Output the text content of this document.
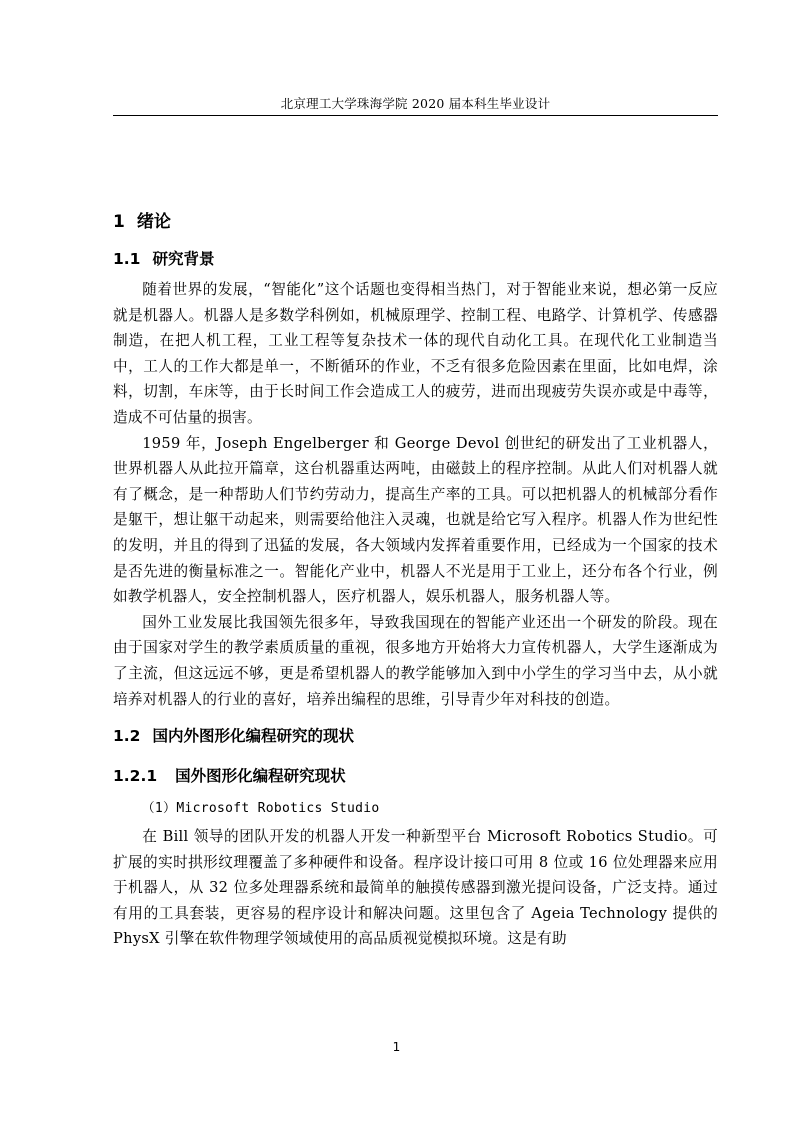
北京理工大学珠海学院 2020 届本科生毕业设计
1 绪论
1.1 研究背景

随着世界的发展，“智能化”这个话题也变得相当热门，对于智能业来说，想必第一反应就是机器人。机器人是多数学科例如，机械原理学、控制工程、电路学、计算机学、传感器制造，在把人机工程，工业工程等复杂技术一体的现代自动化工具。在现代化工业制造当中，工人的工作大都是单一，不断循环的作业，不乏有很多危险因素在里面，比如电焊，涂料，切割，车床等，由于长时间工作会造成工人的疲劳，进而出现疲劳失误亦或是中毒等，造成不可估量的损害。

1959 年，Joseph Engelberger 和 George Devol 创世纪的研发出了工业机器人，世界机器人从此拉开篇章，这台机器重达两吨，由磁鼓上的程序控制。从此人们对机器人就有了概念，是一种帮助人们节约劳动力，提高生产率的工具。可以把机器人的机械部分看作是躯干，想让躯干动起来，则需要给他注入灵魂，也就是给它写入程序。机器人作为世纪性的发明，并且的得到了迅猛的发展，各大领域内发挥着重要作用，已经成为一个国家的技术是否先进的衡量标准之一。智能化产业中，机器人不光是用于工业上，还分布各个行业，例如教学机器人，安全控制机器人，医疗机器人，娱乐机器人，服务机器人等。

国外工业发展比我国领先很多年，导致我国现在的智能产业还出一个研发的阶段。现在由于国家对学生的教学素质质量的重视，很多地方开始将大力宣传机器人，大学生逐渐成为了主流，但这远远不够，更是希望机器人的教学能够加入到中小学生的学习当中去，从小就培养对机器人的行业的喜好，培养出编程的思维，引导青少年对科技的创造。

1.2 国内外图形化编程研究的现状
1.2.1 国外图形化编程研究现状

（1）Microsoft Robotics Studio

在 Bill 领导的团队开发的机器人开发一种新型平台 Microsoft Robotics Studio。可扩展的实时拱形纹理覆盖了多种硬件和设备。程序设计接口可用 8 位或 16 位处理器来应用于机器人，从 32 位多处理器系统和最简单的触摸传感器到激光提问设备，广泛支持。通过有用的工具套装，更容易的程序设计和解决问题。这里包含了 Ageia Technology 提供的 PhysX 引擎在软件物理学领域使用的高品质视觉模拟环境。这是有助

1
